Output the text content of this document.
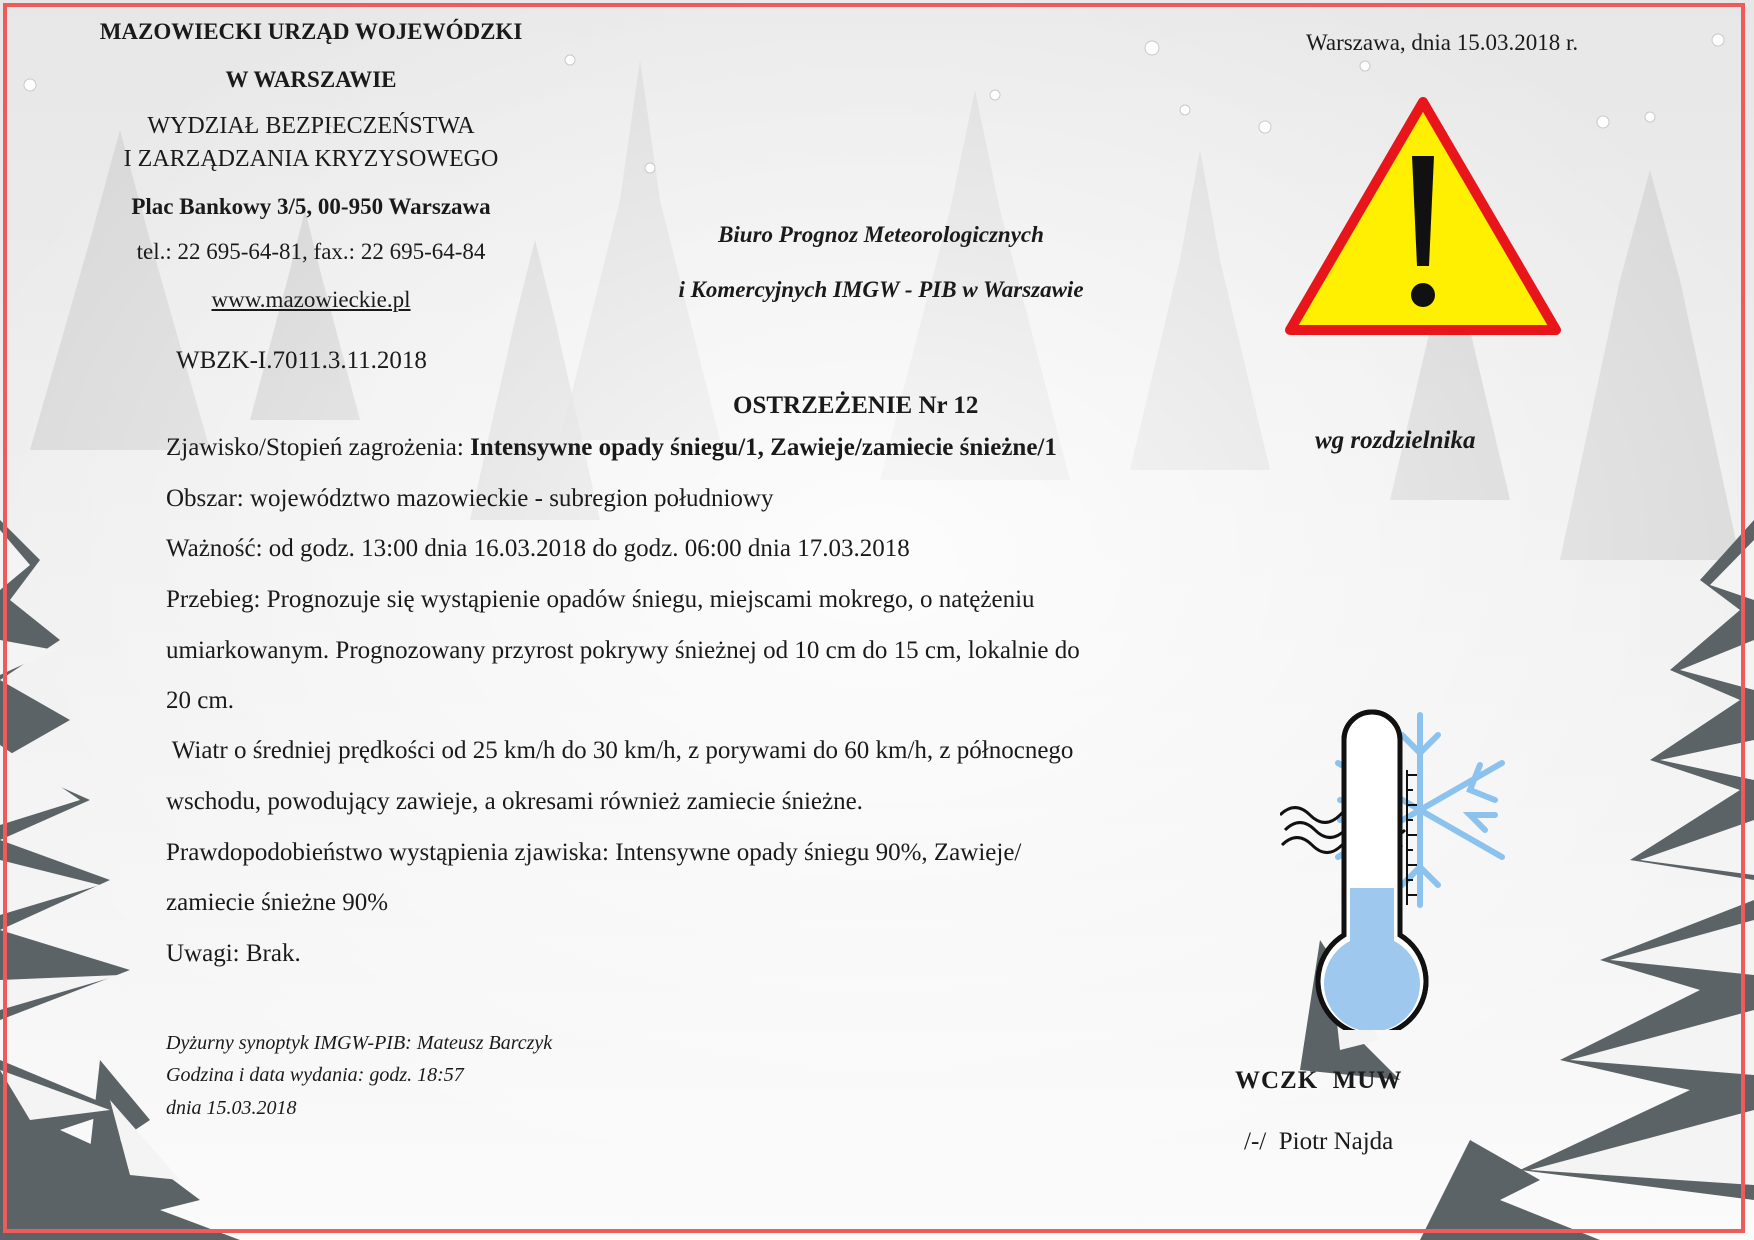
MAZOWIECKI URZĄD WOJEWÓDZKI
W WARSZAWIE
WYDZIAŁ BEZPIECZEŃSTWA
I ZARZĄDZANIA KRYZYSOWEGO
Plac Bankowy 3/5, 00-950 Warszawa
tel.: 22 695-64-81, fax.: 22 695-64-84
www.mazowieckie.pl
WBZK-I.7011.3.11.2018
Warszawa, dnia 15.03.2018 r.
Biuro Prognoz Meteorologicznych
i Komercyjnych IMGW - PIB w Warszawie
wg rozdzielnika
OSTRZEŻENIE Nr 12
Zjawisko/Stopień zagrożenia: Intensywne opady śniegu/1, Zawieje/zamiecie śnieżne/1
Obszar: województwo mazowieckie - subregion południowy
Ważność: od godz. 13:00 dnia 16.03.2018 do godz. 06:00 dnia 17.03.2018
Przebieg: Prognozuje się wystąpienie opadów śniegu, miejscami mokrego, o natężeniu
umiarkowanym. Prognozowany przyrost pokrywy śnieżnej od 10 cm do 15 cm, lokalnie do
20 cm.
Wiatr o średniej prędkości od 25 km/h do 30 km/h, z porywami do 60 km/h, z północnego
wschodu, powodujący zawieje, a okresami również zamiecie śnieżne.
Prawdopodobieństwo wystąpienia zjawiska: Intensywne opady śniegu 90%, Zawieje/
zamiecie śnieżne 90%
Uwagi: Brak.
Dyżurny synoptyk IMGW-PIB: Mateusz Barczyk
Godzina i data wydania: godz. 18:57
dnia 15.03.2018
WCZK  MUW
/-/  Piotr Najda
